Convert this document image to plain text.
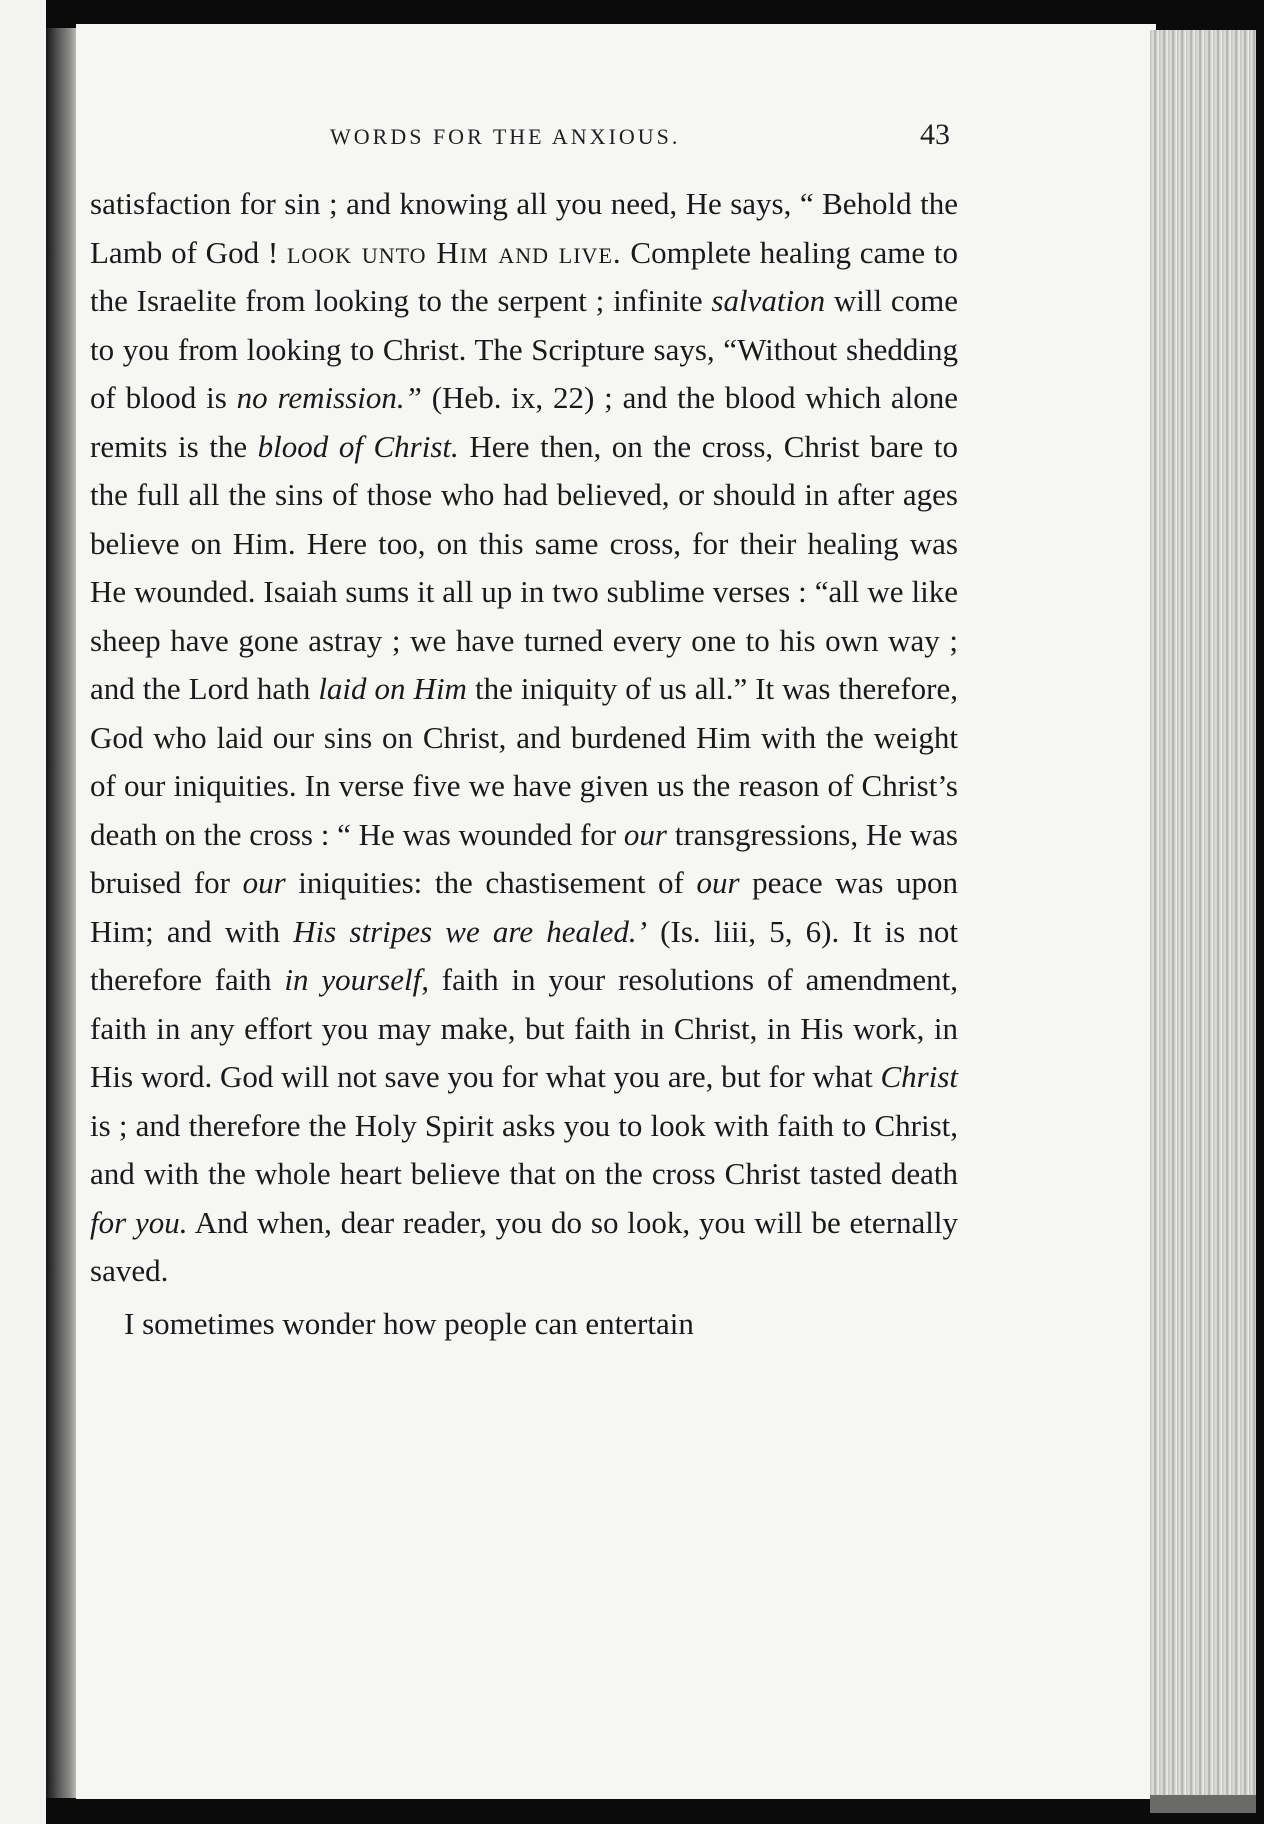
WORDS FOR THE ANXIOUS.	43

satisfaction for sin ; and knowing all you need, He says, “ Behold the Lamb of God ! look unto Him and live. Complete healing came to the Israelite from looking to the serpent ; infinite salvation will come to you from looking to Christ. The Scripture says, “Without shedding of blood is no remission.” (Heb. ix, 22) ; and the blood which alone remits is the blood of Christ. Here then, on the cross, Christ bare to the full all the sins of those who had believed, or should in after ages believe on Him. Here too, on this same cross, for their healing was He wounded. Isaiah sums it all up in two sublime verses : “all we like sheep have gone astray ; we have turned every one to his own way ; and the Lord hath laid on Him the iniquity of us all.” It was therefore, God who laid our sins on Christ, and burdened Him with the weight of our iniquities. In verse five we have given us the reason of Christ’s death on the cross : “ He was wounded for our transgressions, He was bruised for our iniquities: the chastisement of our peace was upon Him; and with His stripes we are healed.’ (Is. liii, 5, 6). It is not therefore faith in yourself, faith in your resolutions of amendment, faith in any effort you may make, but faith in Christ, in His work, in His word. God will not save you for what you are, but for what Christ is ; and therefore the Holy Spirit asks you to look with faith to Christ, and with the whole heart believe that on the cross Christ tasted death for you. And when, dear reader, you do so look, you will be eternally saved.

I sometimes wonder how people can entertain
